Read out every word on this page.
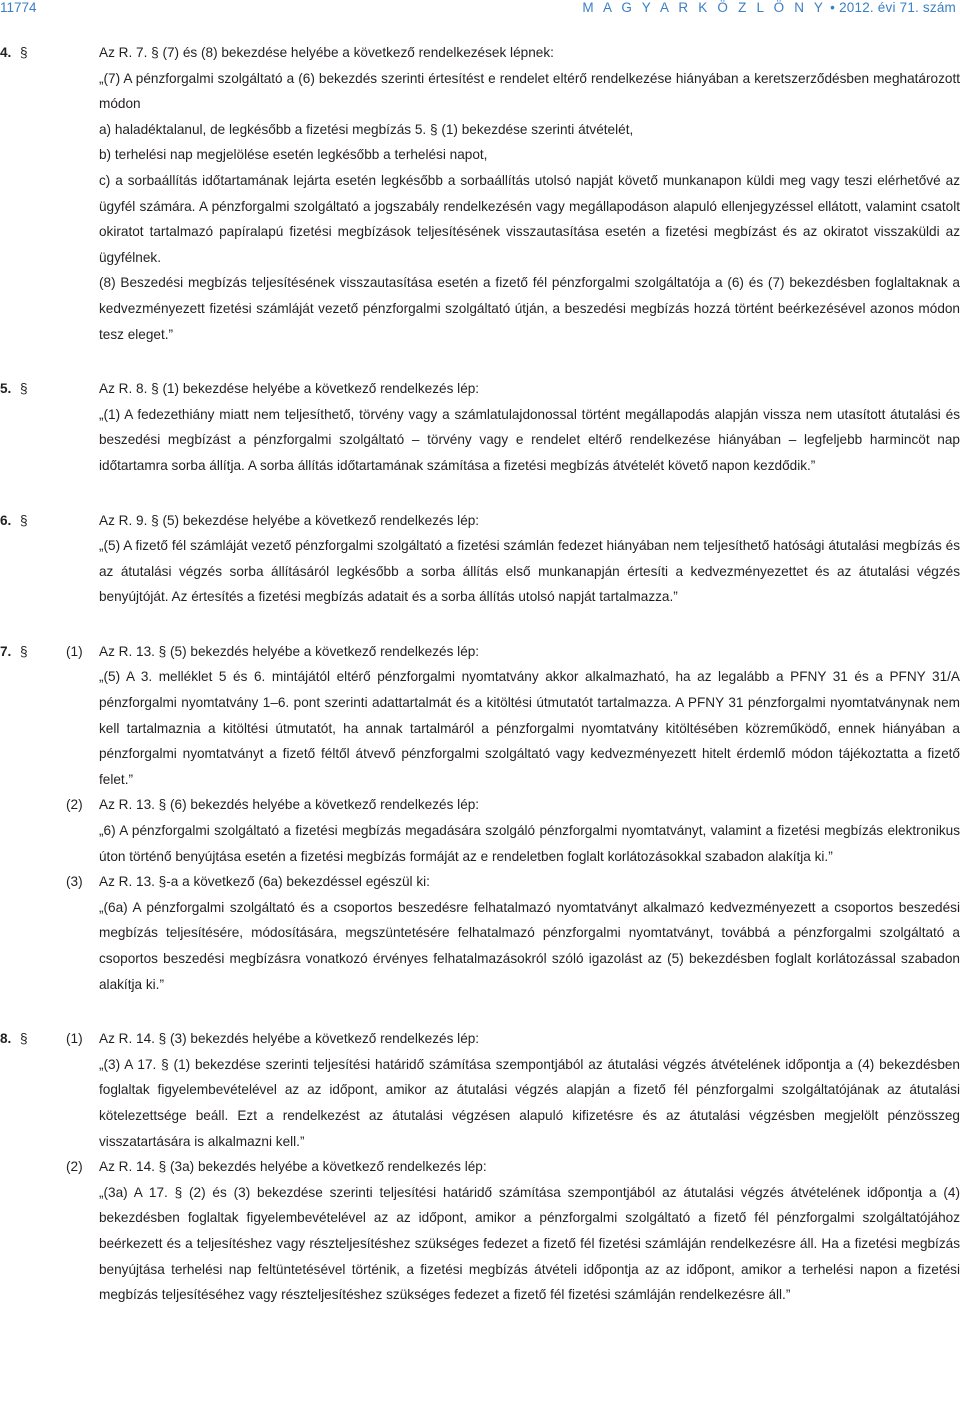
11774	M A G Y A R K Ö Z L Ö N Y • 2012. évi 71. szám
4. §	Az R. 7. § (7) és (8) bekezdése helyébe a következő rendelkezések lépnek:

„(7) A pénzforgalmi szolgáltató a (6) bekezdés szerinti értesítést e rendelet eltérő rendelkezése hiányában a keretszerződésben meghatározott módon

a) haladéktalanul, de legkésőbb a fizetési megbízás 5. § (1) bekezdése szerinti átvételét,

b) terhelési nap megjelölése esetén legkésőbb a terhelési napot,

c) a sorbaállítás időtartamának lejárta esetén legkésőbb a sorbaállítás utolsó napját követő munkanapon küldi meg vagy teszi elérhetővé az ügyfél számára. A pénzforgalmi szolgáltató a jogszabály rendelkezésén vagy megállapodáson alapuló ellenjegyzéssel ellátott, valamint csatolt okiratot tartalmazó papíralapú fizetési megbízások teljesítésének visszautasítása esetén a fizetési megbízást és az okiratot visszaküldi az ügyfélnek.

(8) Beszedési megbízás teljesítésének visszautasítása esetén a fizető fél pénzforgalmi szolgáltatója a (6) és (7) bekezdésben foglaltaknak a kedvezményezett fizetési számláját vezető pénzforgalmi szolgáltató útján, a beszedési megbízás hozzá történt beérkezésével azonos módon tesz eleget.”

5. §	Az R. 8. § (1) bekezdése helyébe a következő rendelkezés lép:

„(1) A fedezethiány miatt nem teljesíthető, törvény vagy a számlatulajdonossal történt megállapodás alapján vissza nem utasított átutalási és beszedési megbízást a pénzforgalmi szolgáltató – törvény vagy e rendelet eltérő rendelkezése hiányában – legfeljebb harmincöt nap időtartamra sorba állítja. A sorba állítás időtartamának számítása a fizetési megbízás átvételét követő napon kezdődik.”

6. §	Az R. 9. § (5) bekezdése helyébe a következő rendelkezés lép:

„(5) A fizető fél számláját vezető pénzforgalmi szolgáltató a fizetési számlán fedezet hiányában nem teljesíthető hatósági átutalási megbízás és az átutalási végzés sorba állításáról legkésőbb a sorba állítás első munkanapján értesíti a kedvezményezettet és az átutalási végzés benyújtóját. Az értesítés a fizetési megbízás adatait és a sorba állítás utolsó napját tartalmazza.”

7. §	(1) Az R. 13. § (5) bekezdés helyébe a következő rendelkezés lép:

„(5) A 3. melléklet 5 és 6. mintájától eltérő pénzforgalmi nyomtatvány akkor alkalmazható, ha az legalább a PFNY 31 és a PFNY 31/A pénzforgalmi nyomtatvány 1–6. pont szerinti adattartalmát és a kitöltési útmutatót tartalmazza. A PFNY 31 pénzforgalmi nyomtatványnak nem kell tartalmaznia a kitöltési útmutatót, ha annak tartalmáról a pénzforgalmi nyomtatvány kitöltésében közreműködő, ennek hiányában a pénzforgalmi nyomtatványt a fizető féltől átvevő pénzforgalmi szolgáltató vagy kedvezményezett hitelt érdemlő módon tájékoztatta a fizető felet.”

(2) Az R. 13. § (6) bekezdés helyébe a következő rendelkezés lép:

„6) A pénzforgalmi szolgáltató a fizetési megbízás megadására szolgáló pénzforgalmi nyomtatványt, valamint a fizetési megbízás elektronikus úton történő benyújtása esetén a fizetési megbízás formáját az e rendeletben foglalt korlátozásokkal szabadon alakítja ki.”

(3) Az R. 13. §-a a következő (6a) bekezdéssel egészül ki:

„(6a) A pénzforgalmi szolgáltató és a csoportos beszedésre felhatalmazó nyomtatványt alkalmazó kedvezményezett a csoportos beszedési megbízás teljesítésére, módosítására, megszüntetésére felhatalmazó pénzforgalmi nyomtatványt, továbbá a pénzforgalmi szolgáltató a csoportos beszedési megbízásra vonatkozó érvényes felhatalmazásokról szóló igazolást az (5) bekezdésben foglalt korlátozással szabadon alakítja ki.”

8. §	(1) Az R. 14. § (3) bekezdés helyébe a következő rendelkezés lép:

„(3) A 17. § (1) bekezdése szerinti teljesítési határidő számítása szempontjából az átutalási végzés átvételének időpontja a (4) bekezdésben foglaltak figyelembevételével az az időpont, amikor az átutalási végzés alapján a fizető fél pénzforgalmi szolgáltatójának az átutalási kötelezettsége beáll. Ezt a rendelkezést az átutalási végzésen alapuló kifizetésre és az átutalási végzésben megjelölt pénzösszeg visszatartására is alkalmazni kell.”

(2) Az R. 14. § (3a) bekezdés helyébe a következő rendelkezés lép:

„(3a) A 17. § (2) és (3) bekezdése szerinti teljesítési határidő számítása szempontjából az átutalási végzés átvételének időpontja a (4) bekezdésben foglaltak figyelembevételével az az időpont, amikor a pénzforgalmi szolgáltató a fizető fél pénzforgalmi szolgáltatójához beérkezett és a teljesítéshez vagy részteljesítéshez szükséges fedezet a fizető fél fizetési számláján rendelkezésre áll. Ha a fizetési megbízás benyújtása terhelési nap feltüntetésével történik, a fizetési megbízás átvételi időpontja az az időpont, amikor a terhelési napon a fizetési megbízás teljesítéséhez vagy részteljesítéshez szükséges fedezet a fizető fél fizetési számláján rendelkezésre áll.”
